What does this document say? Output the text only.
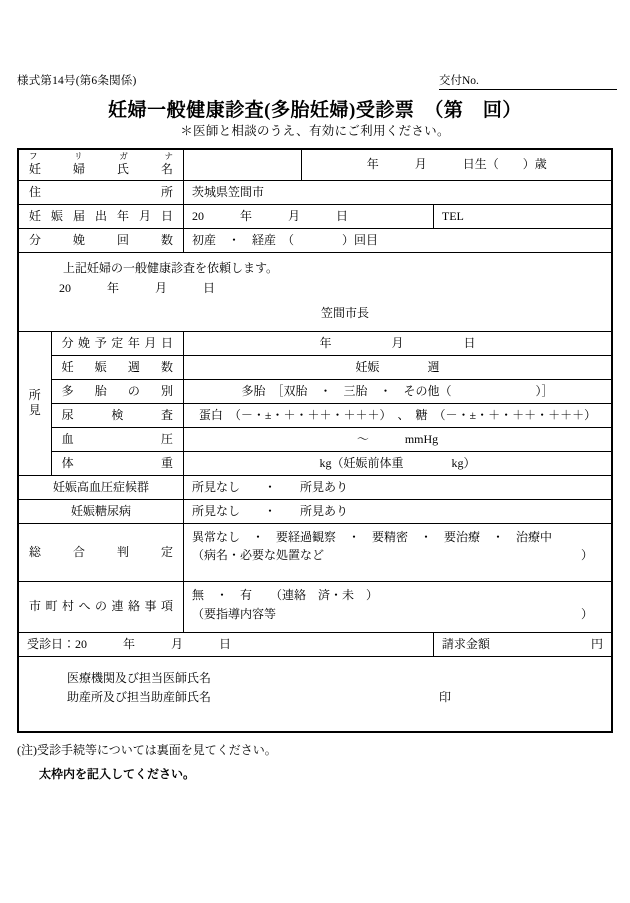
様式第14号(第6条関係)	交付No.
妊婦一般健康診査(多胎妊婦)受診票　（第　回）
＊医師と相談のうえ、有効にご利用ください。
フ	リ	ガ	ナ
妊	婦	氏	名		年　　　月　　　日生（　　）歳

住 所		茨城県笠間市		

妊 娠 届 出 年 月 日	20　　　年　　　月　　　日	TEL

分 娩 回 数		初産　・　経産　（　　　　）回目		

上記妊婦の一般健康診査を依頼します。
20　　　年　　　月　　　日
笠間市長				

所
見

分 娩 予 定 年 月 日	年　　　　　月　　　　　日

	妊 娠 週 数	妊娠　　　　週		

	多 胎 の 別	多胎　［双胎　・　三胎　・　その他（　　　　　　　）］		

	尿 検 査	蛋白　（－・±・＋・＋＋・＋＋＋）　、　糖　（－・±・＋・＋＋・＋＋＋）		

	血 圧	～　　　mmHg		

	体 重	kg（妊娠前体重　　　　kg）		

妊娠高血圧症候群		所見なし　　・　　所見あり		

妊娠糖尿病		所見なし　　・　　所見あり		

総 合 判 定		異常なし　・　要経過観察　・　要精密　・　要治療　・　治療中
（病名・必要な処置など ）		

市 町 村 へ の 連 絡 事 項

無　・　有　　（連絡　済・未　）
（要指導内容等	）

受診日：20　　　年　　　月　　　日				請求金額 円

医療機関及び担当医師氏名
助産所及び担当助産師氏名 印				
(注)受診手続等については裏面を見てください。
太枠内を記入してください。
